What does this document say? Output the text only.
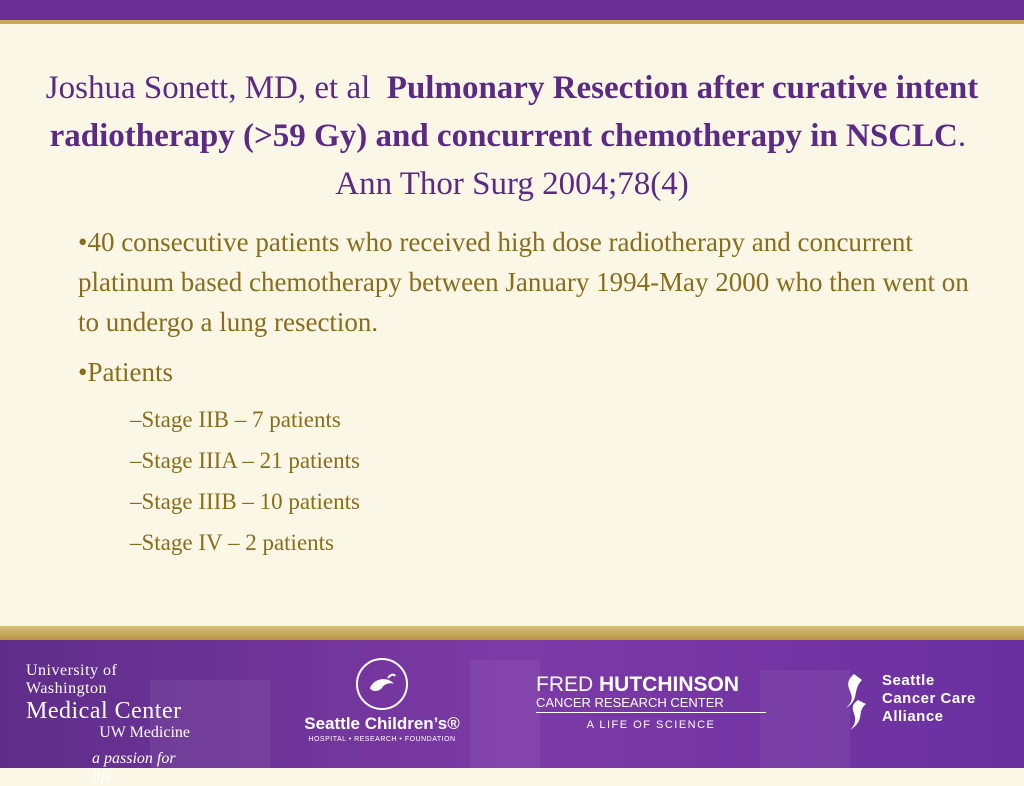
Joshua Sonett, MD, et al Pulmonary Resection after curative intent radiotherapy (>59 Gy) and concurrent chemotherapy in NSCLC.  Ann Thor Surg 2004;78(4)

•40 consecutive patients who received high dose radiotherapy and concurrent platinum based chemotherapy between January 1994-May 2000 who then went on to undergo a lung resection.

•Patients

–Stage IIB – 7 patients
–Stage IIIA – 21 patients
–Stage IIIB – 10 patients
–Stage IV – 2 patients
University of Washington
Medical Center
UW Medicine
a passion for life
Seattle Children’s®
HOSPITAL • RESEARCH • FOUNDATION
FRED HUTCHINSON
CANCER RESEARCH CENTER
A LIFE OF SCIENCE
Seattle
Cancer Care
Alliance
